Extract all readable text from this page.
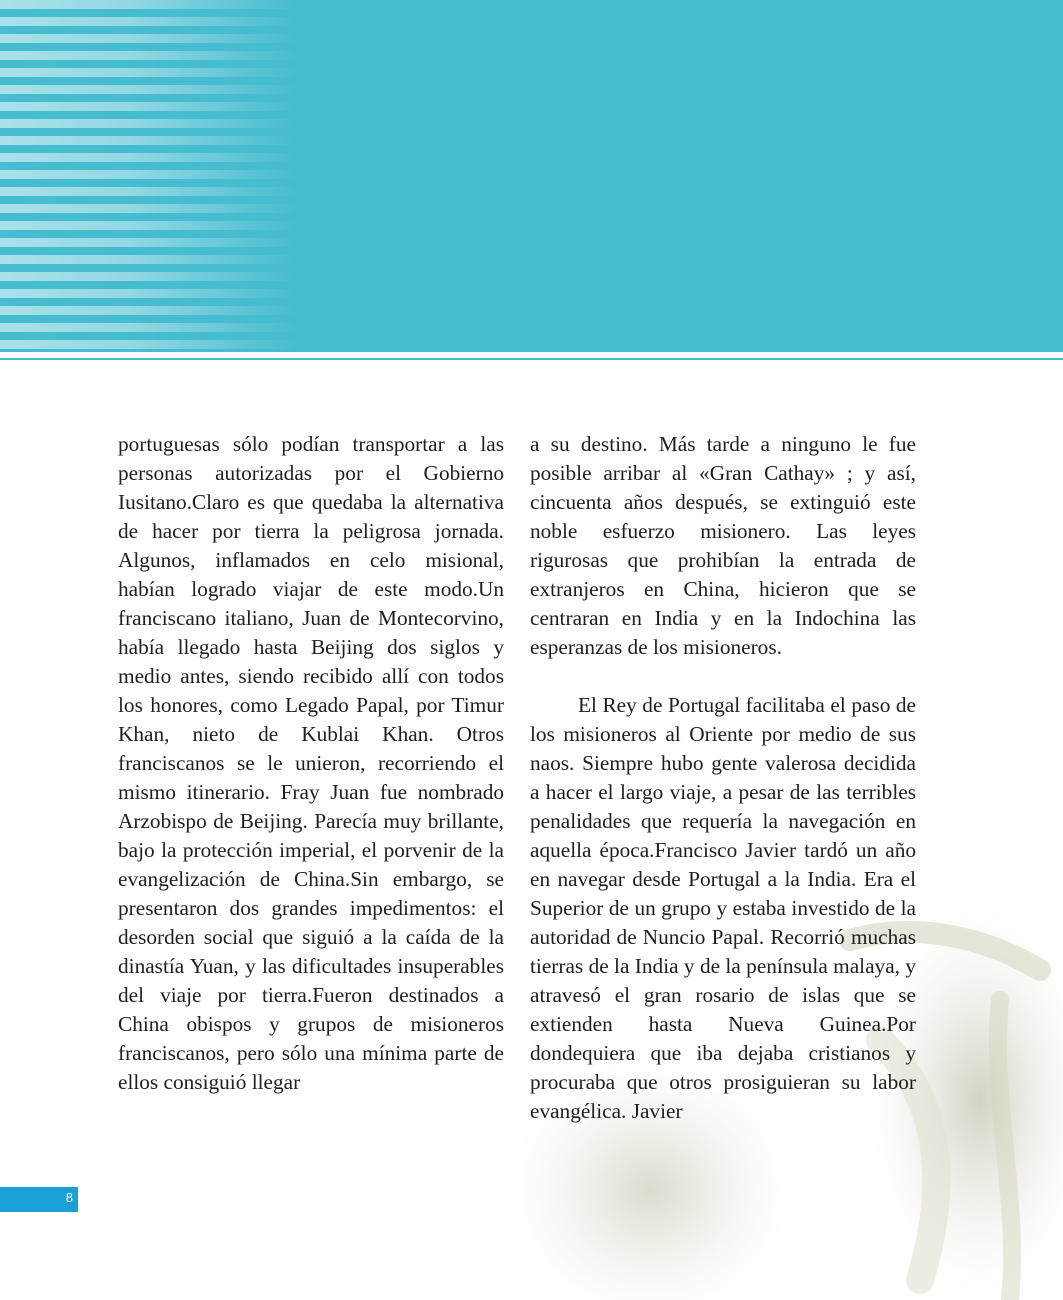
portuguesas sólo podían transportar a las personas autorizadas por el Gobierno Iusitano.Claro es que quedaba la alternativa de hacer por tierra la peligrosa jornada. Algunos, inflamados en celo misional, habían logrado viajar de este modo.Un franciscano italiano, Juan de Montecorvino, había llegado hasta Beijing dos siglos y medio antes, siendo recibido allí con todos los honores, como Legado Papal, por Timur Khan, nieto de Kublai Khan. Otros franciscanos se le unieron, recorriendo el mismo itinerario. Fray Juan fue nombrado Arzobispo de Beijing. Parecía muy brillante, bajo la protección imperial, el porvenir de la evangelización de China.Sin embargo, se presentaron dos grandes impedimentos: el desorden social que siguió a la caída de la dinastía Yuan, y las dificultades insuperables del viaje por tierra.Fueron destinados a China obispos y grupos de misioneros franciscanos, pero sólo una mínima parte de ellos consiguió llegar

a su destino. Más tarde a ninguno le fue posible arribar al «Gran Cathay» ; y así, cincuenta años después, se extinguió este noble esfuerzo misionero. Las leyes rigurosas que prohibían la entrada de extranjeros en China, hicieron que se centraran en India y en la Indochina las esperanzas de los misioneros.

El Rey de Portugal facilitaba el paso de los misioneros al Oriente por medio de sus naos. Siempre hubo gente valerosa decidida a hacer el largo viaje, a pesar de las terribles penalidades que requería la navegación en aquella época.Francisco Javier tardó un año en navegar desde Portugal a la India. Era el Superior de un grupo y estaba investido de la autoridad de Nuncio Papal. Recorrió muchas tierras de la India y de la península malaya, y atravesó el gran rosario de islas que se extienden hasta Nueva Guinea.Por dondequiera que iba dejaba cristianos y procuraba que otros prosiguieran su labor evangélica. Javier

8
